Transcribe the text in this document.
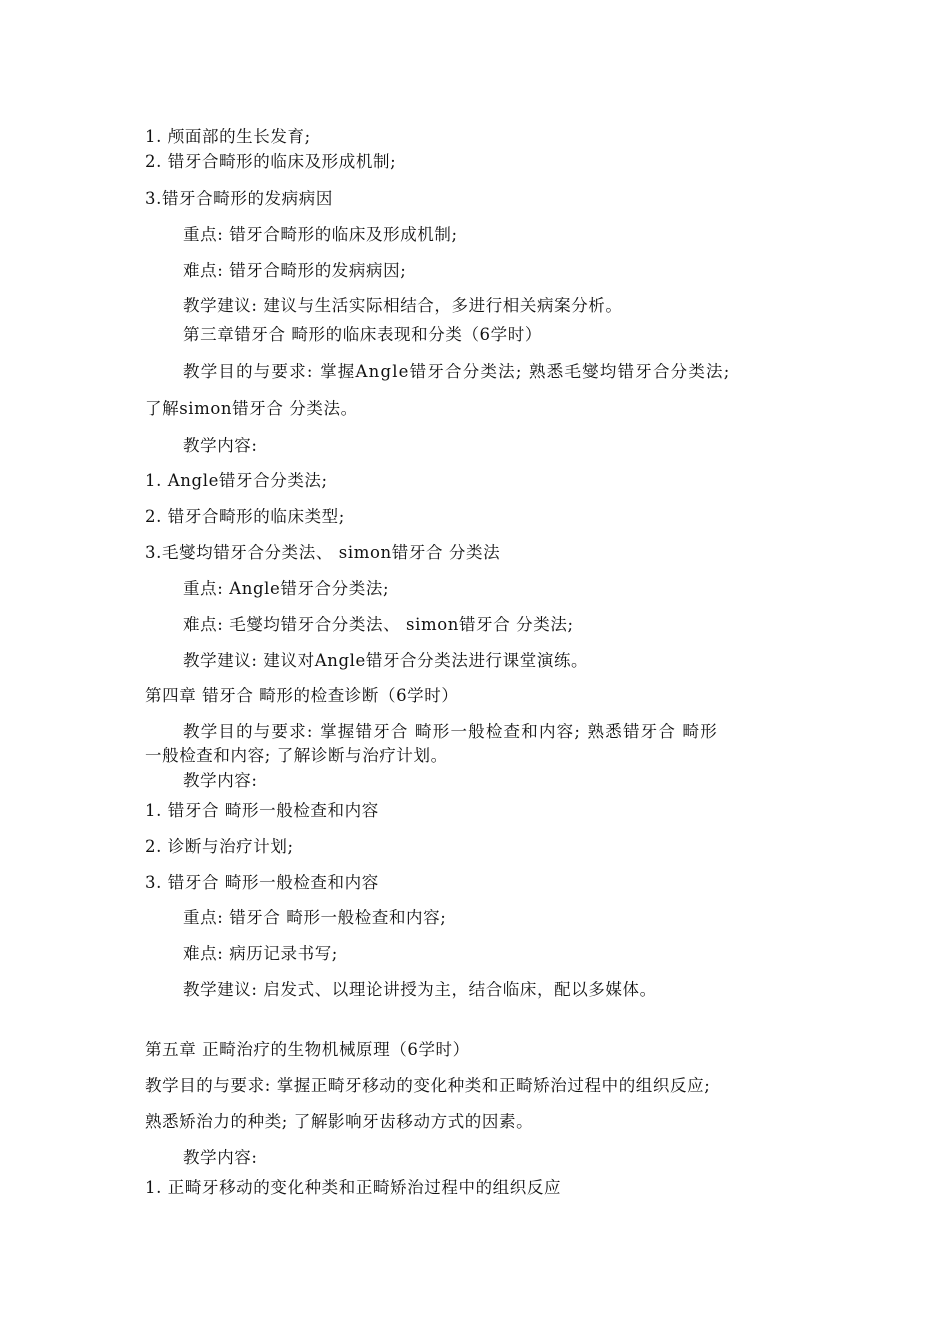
1. 颅面部的生长发育;
2. 错牙合畸形的临床及形成机制;
3.错牙合畸形的发病病因
重点: 错牙合畸形的临床及形成机制;
难点: 错牙合畸形的发病病因;
教学建议: 建议与生活实际相结合，多进行相关病案分析。
第三章错牙合 畸形的临床表现和分类（6学时）
教学目的与要求: 掌握Angle错牙合分类法; 熟悉毛燮均错牙合分类法;
了解simon错牙合 分类法。
教学内容:
1. Angle错牙合分类法;
2. 错牙合畸形的临床类型;
3.毛燮均错牙合分类法、 simon错牙合 分类法
重点: Angle错牙合分类法;
难点: 毛燮均错牙合分类法、 simon错牙合 分类法;
教学建议: 建议对Angle错牙合分类法进行课堂演练。
第四章 错牙合 畸形的检查诊断（6学时）
教学目的与要求: 掌握错牙合 畸形一般检查和内容; 熟悉错牙合 畸形
一般检查和内容; 了解诊断与治疗计划。
教学内容:
1. 错牙合 畸形一般检查和内容
2. 诊断与治疗计划;
3. 错牙合 畸形一般检查和内容
重点: 错牙合 畸形一般检查和内容;
难点: 病历记录书写;
教学建议: 启发式、以理论讲授为主，结合临床，配以多媒体。
第五章 正畸治疗的生物机械原理（6学时）
教学目的与要求: 掌握正畸牙移动的变化种类和正畸矫治过程中的组织反应;
熟悉矫治力的种类; 了解影响牙齿移动方式的因素。
教学内容:
1. 正畸牙移动的变化种类和正畸矫治过程中的组织反应
